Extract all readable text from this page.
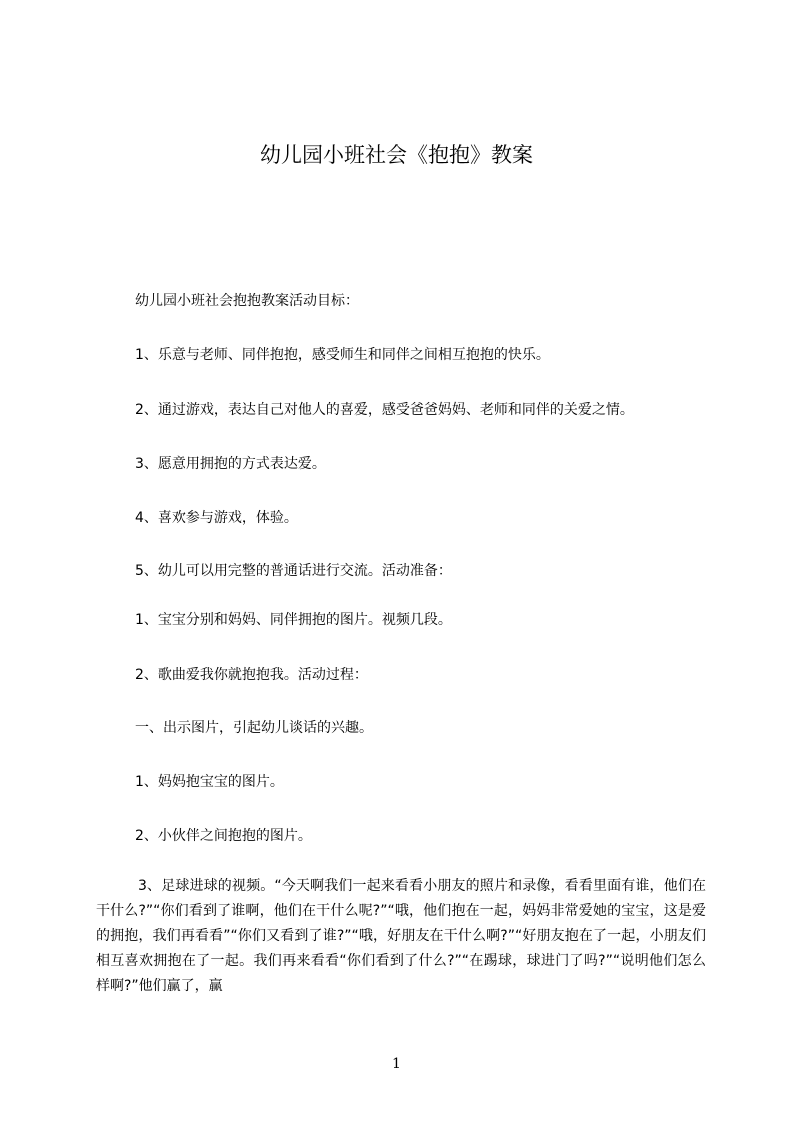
幼儿园小班社会《抱抱》教案
幼儿园小班社会抱抱教案活动目标：
1、乐意与老师、同伴抱抱，感受师生和同伴之间相互抱抱的快乐。
2、通过游戏，表达自己对他人的喜爱，感受爸爸妈妈、老师和同伴的关爱之情。
3、愿意用拥抱的方式表达爱。
4、喜欢参与游戏，体验。
5、幼儿可以用完整的普通话进行交流。活动准备：
1、宝宝分别和妈妈、同伴拥抱的图片。视频几段。
2、歌曲爱我你就抱抱我。活动过程：
一、出示图片，引起幼儿谈话的兴趣。
1、妈妈抱宝宝的图片。
2、小伙伴之间抱抱的图片。
3、足球进球的视频。“今天啊我们一起来看看小朋友的照片和录像，看看里面有谁，他们在干什么?”“你们看到了谁啊，他们在干什么呢?”“哦，他们抱在一起，妈妈非常爱她的宝宝，这是爱的拥抱，我们再看看”“你们又看到了谁?”“哦，好朋友在干什么啊?”“好朋友抱在了一起，小朋友们相互喜欢拥抱在了一起。我们再来看看“你们看到了什么?”“在踢球，球进门了吗?”“说明他们怎么样啊?”他们赢了，赢
1
